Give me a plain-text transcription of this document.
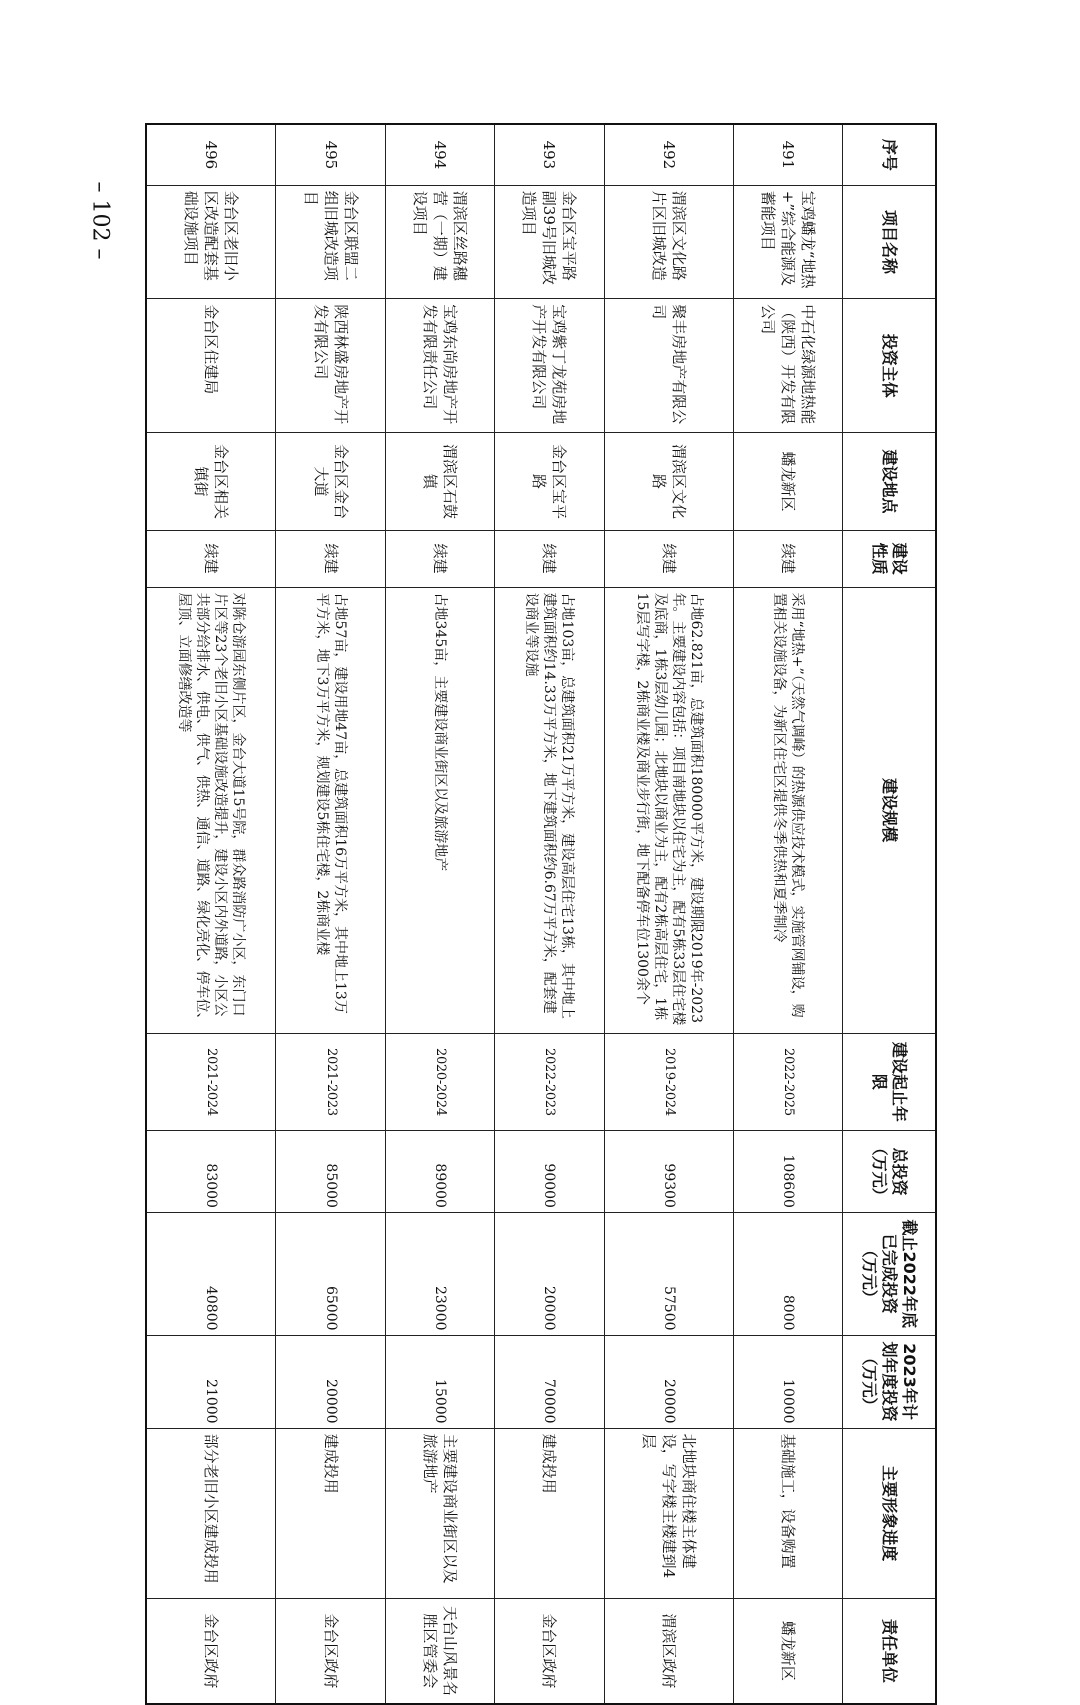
– 102 –
序号	项目名称	投资主体	建设地点	建设性质	建设规模	建设起止年限	总投资（万元）	截止2022年底已完成投资（万元）	2023年计划年度投资（万元）	主要形象进度	责任单位
491	宝鸡蟠龙“地热+”综合能源及蓄能项目	中石化绿源地热能（陕西）开发有限公司	蟠龙新区	续建	采用“地热+”（天然气调峰）的热源供应技术模式，实施管网铺设，购置相关设施设备，为新区住宅区提供冬季供热和夏季制冷	2022-2025	108600	8000	10000	基础施工，设备购置	蟠龙新区
492	渭滨区文化路片区旧城改造	聚丰房地产有限公司	渭滨区文化路	续建	占地62.821亩，总建筑面积180000平方米，建设期限2019年-2023年。主要建设内容包括：项目南地块以住宅为主，配有5栋33层住宅楼及底商，1栋3层幼儿园；北地块以商业为主，配有2栋高层住宅，1栋15层写字楼，2栋商业楼及商业步行街，地下配备停车位1300余个	2019-2024	99300	57500	20000	北地块商住楼主体建设，写字楼主楼建到4层	渭滨区政府
493	金台区宝平路副39号旧城改造项目	宝鸡紫丁龙苑房地产开发有限公司	金台区宝平路	续建	占地103亩，总建筑面积21万平方米，建设高层住宅13栋，其中地上建筑面积约14.33万平方米，地下建筑面积约6.67万平方米，配套建设商业等设施	2022-2023	90000	20000	70000	建成投用	金台区政府
494	渭滨区丝路穗营（一期）建设项目	宝鸡东尚房地产开发有限责任公司	渭滨区石鼓镇	续建	占地345亩，主要建设商业街区以及旅游地产	2020-2024	89000	23000	15000	主要建设商业街区以及旅游地产	天台山风景名胜区管委会
495	金台区联盟二组旧城改造项目	陕西林盛房地产开发有限公司	金台区金台大道	续建	占地57亩，建设用地47亩，总建筑面积16万平方米，其中地上13万平方米，地下3万平方米，规划建设5栋住宅楼，2栋商业楼	2021-2023	85000	65000	20000	建成投用	金台区政府
496	金台区老旧小区改造配套基础设施项目	金台区住建局	金台区相关镇街	续建	对陈仓游园东侧片区，金台大道15号院，群众路消防广小区，东门口片区等23个老旧小区基础设施改造提升，建设小区内外道路，小区公共部分给排水、供电、供气、供热、通信、道路、绿化亮化、停车位、屋顶、立面修缮改造等	2021-2024	83000	40800	21000	部分老旧小区建成投用	金台区政府
